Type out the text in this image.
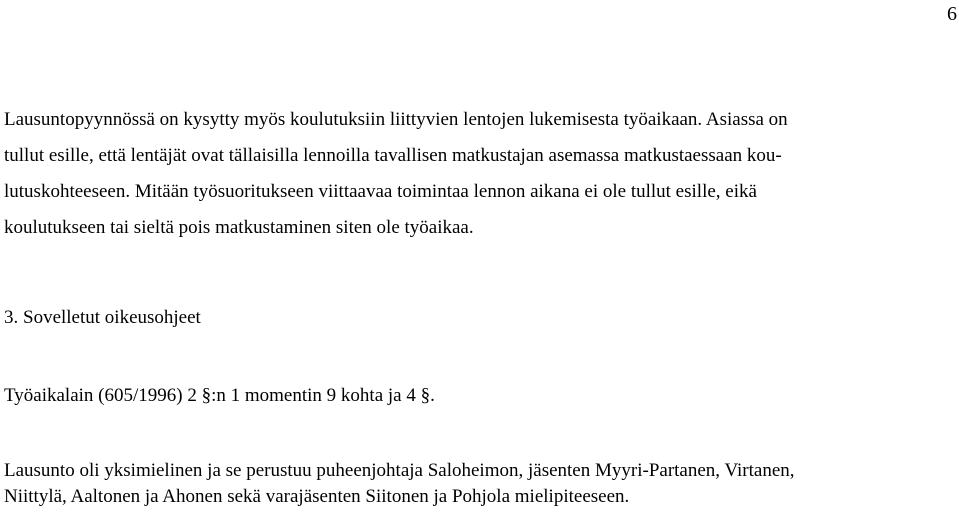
6

Lausuntopyynnössä on kysytty myös koulutuksiin liittyvien lentojen lukemisesta työaikaan. Asiassa on
tullut esille, että lentäjät ovat tällaisilla lennoilla tavallisen matkustajan asemassa matkustaessaan kou-
lutuskohteeseen. Mitään työsuoritukseen viittaavaa toimintaa lennon aikana ei ole tullut esille, eikä
koulutukseen tai sieltä pois matkustaminen siten ole työaikaa.

3. Sovelletut oikeusohjeet

Työaikalain (605/1996) 2 §:n 1 momentin 9 kohta ja 4 §.

Lausunto oli yksimielinen ja se perustuu puheenjohtaja Saloheimon, jäsenten Myyri-Partanen, Virtanen,
Niittylä, Aaltonen ja Ahonen sekä varajäsenten Siitonen ja Pohjola mielipiteeseen.
